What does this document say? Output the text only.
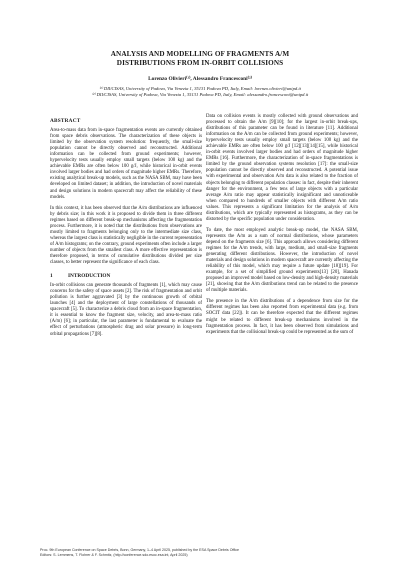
ANALYSIS AND MODELLING OF FRAGMENTS A/M
DISTRIBUTIONS FROM IN-ORBIT COLLISIONS
Lorenzo Olivieri⁽¹⁾, Alessandro Francesconi⁽²⁾
⁽¹⁾ DII/CISAS, University of Padova, Via Venezia 1, 35131 Padova PD, Italy, Email: lorenzo.olivieri@unipd.it
⁽²⁾ DII/CISAS, University of Padova, Via Venezia 1, 35131 Padova PD, Italy, Email: alessandro.francesconi@unipd.it
ABSTRACT

Area-to-mass data from in-space fragmentation events are currently obtained from space debris observations. The characterization of these objects is limited by the observation system resolution: frequently, the small-size population cannot be directly observed and reconstructed. Additional information can be collected from ground experiments; however, hypervelocity tests usually employ small targets (below 100 kg) and the achievable EMRs are often below 100 g/J, while historical in-orbit events involved larger bodies and had orders of magnitude higher EMRs. Therefore, existing analytical break-up models, such as the NASA SBM, may have been developed on limited dataset; in addition, the introduction of novel materials and design solutions in modern spacecraft may affect the reliability of these models.

In this context, it has been observed that the A/m distributions are influenced by debris size; in this work it is proposed to divide them in three different regimes based on different break-up mechanisms affecting the fragmentation process. Furthermore, it is noted that the distributions from observations are mostly limited to fragments belonging only to the intermediate size class, whereas the largest class is statistically negligible in the current representation of A/m histograms; on the contrary, ground experiments often include a larger number of objects from the smallest class. A more effective representation is therefore proposed, in terms of cumulative distributions divided per size classes, to better represent the significance of each class.

1	INTRODUCTION

In-orbit collisions can generate thousands of fragments [1], which may cause concerns for the safety of space assets [2]. The risk of fragmentation and orbit pollution is further aggravated [3] by the continuous growth of orbital launches [4] and the deployment of large constellations of thousands of spacecraft [5]. To characterize a debris cloud from an in-space fragmentation, it is essential to know the fragment size, velocity, and area-to-mass ratio (A/m) [6]; in particular, the last parameter is fundamental to evaluate the effect of perturbations (atmospheric drag and solar pressure) in long-term orbital propagations [7][8].

Data on collision events is mostly collected with ground observations and processed to obtain the A/m [9][10]; for the largest in-orbit break-ups, distributions of this parameter can be found in literature [11]. Additional information on the A/m can be collected from ground experiments; however, hypervelocity tests usually employ small targets (below 100 kg) and the achievable EMRs are often below 100 g/J [12][13][14][15], while historical in-orbit events involved larger bodies and had orders of magnitude higher EMRs [16]. Furthermore, the characterization of in-space fragmentations is limited by the ground observation systems resolution [17]: the small-size population cannot be directly observed and reconstructed. A potential issue with experimental and observation A/m data is also related to the fraction of objects belonging to different population classes: in fact, despite their inherent danger for the environment, a few tens of large objects with a particular average A/m ratio may appear statistically insignificant and unnoticeable when compared to hundreds of smaller objects with different A/m ratio values. This represents a significant limitation for the analysis of A/m distributions, which are typically represented as histograms, as they can be distorted by the specific population under consideration.

To date, the most employed analytic break-up model, the NASA SBM, represents the A/m as a sum of normal distributions, whose parameters depend on the fragments size [6]. This approach allows considering different regimes for the A/m trends, with large, medium, and small-size fragments generating different distributions. However, the introduction of novel materials and design solutions in modern spacecraft are currently affecting the reliability of this model, which may require a future update [18][19]. For example, for a set of simplified ground experiments[13] [20], Hanada proposed an improved model based on low-density and high-density materials [21], showing that the A/m distributions trend can be related to the presence of multiple materials.

The presence in the A/m distributions of a dependence from size for the different regimes has been also reported from experimental data (e.g. from SOCIT data [22]). It can be therefore expected that the different regimes might be related to different break-up mechanisms involved in the fragmentation process. In fact, it has been observed from simulations and experiments that the collisional break-up could be represented as the sum of

Proc. 9th European Conference on Space Debris, Bonn, Germany, 1–4 April 2025, published by the ESA Space Debris Office
Editors: S. Lemmens, T. Flohrer & F. Schmitz, (http://conference.sdo.esoc.esa.int, April 2025)
